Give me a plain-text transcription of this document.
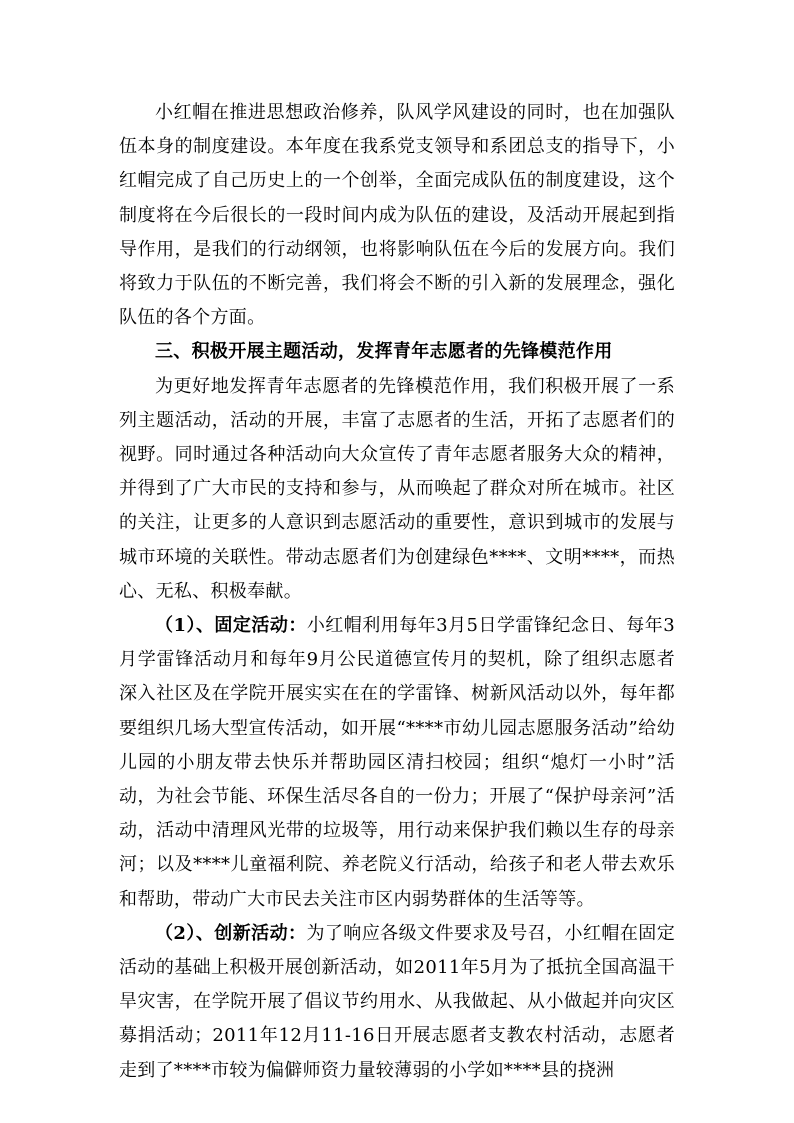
小红帽在推进思想政治修养，队风学风建设的同时，也在加强队伍本身的制度建设。本年度在我系党支领导和系团总支的指导下，小红帽完成了自己历史上的一个创举，全面完成队伍的制度建设，这个制度将在今后很长的一段时间内成为队伍的建设，及活动开展起到指导作用，是我们的行动纲领，也将影响队伍在今后的发展方向。我们将致力于队伍的不断完善，我们将会不断的引入新的发展理念，强化队伍的各个方面。

三、积极开展主题活动，发挥青年志愿者的先锋模范作用

为更好地发挥青年志愿者的先锋模范作用，我们积极开展了一系列主题活动，活动的开展，丰富了志愿者的生活，开拓了志愿者们的视野。同时通过各种活动向大众宣传了青年志愿者服务大众的精神，并得到了广大市民的支持和参与，从而唤起了群众对所在城市。社区的关注，让更多的人意识到志愿活动的重要性，意识到城市的发展与城市环境的关联性。带动志愿者们为创建绿色****、文明****，而热心、无私、积极奉献。

（1）、固定活动：小红帽利用每年3月5日学雷锋纪念日、每年3月学雷锋活动月和每年9月公民道德宣传月的契机，除了组织志愿者深入社区及在学院开展实实在在的学雷锋、树新风活动以外，每年都要组织几场大型宣传活动，如开展“****市幼儿园志愿服务活动”给幼儿园的小朋友带去快乐并帮助园区清扫校园；组织“熄灯一小时”活动，为社会节能、环保生活尽各自的一份力；开展了“保护母亲河”活动，活动中清理风光带的垃圾等，用行动来保护我们赖以生存的母亲河；以及****儿童福利院、养老院义行活动，给孩子和老人带去欢乐和帮助，带动广大市民去关注市区内弱势群体的生活等等。

（2）、创新活动：为了响应各级文件要求及号召，小红帽在固定活动的基础上积极开展创新活动，如2011年5月为了抵抗全国高温干旱灾害，在学院开展了倡议节约用水、从我做起、从小做起并向灾区募捐活动；2011年12月11-16日开展志愿者支教农村活动，志愿者走到了****市较为偏僻师资力量较薄弱的小学如****县的挠洲
